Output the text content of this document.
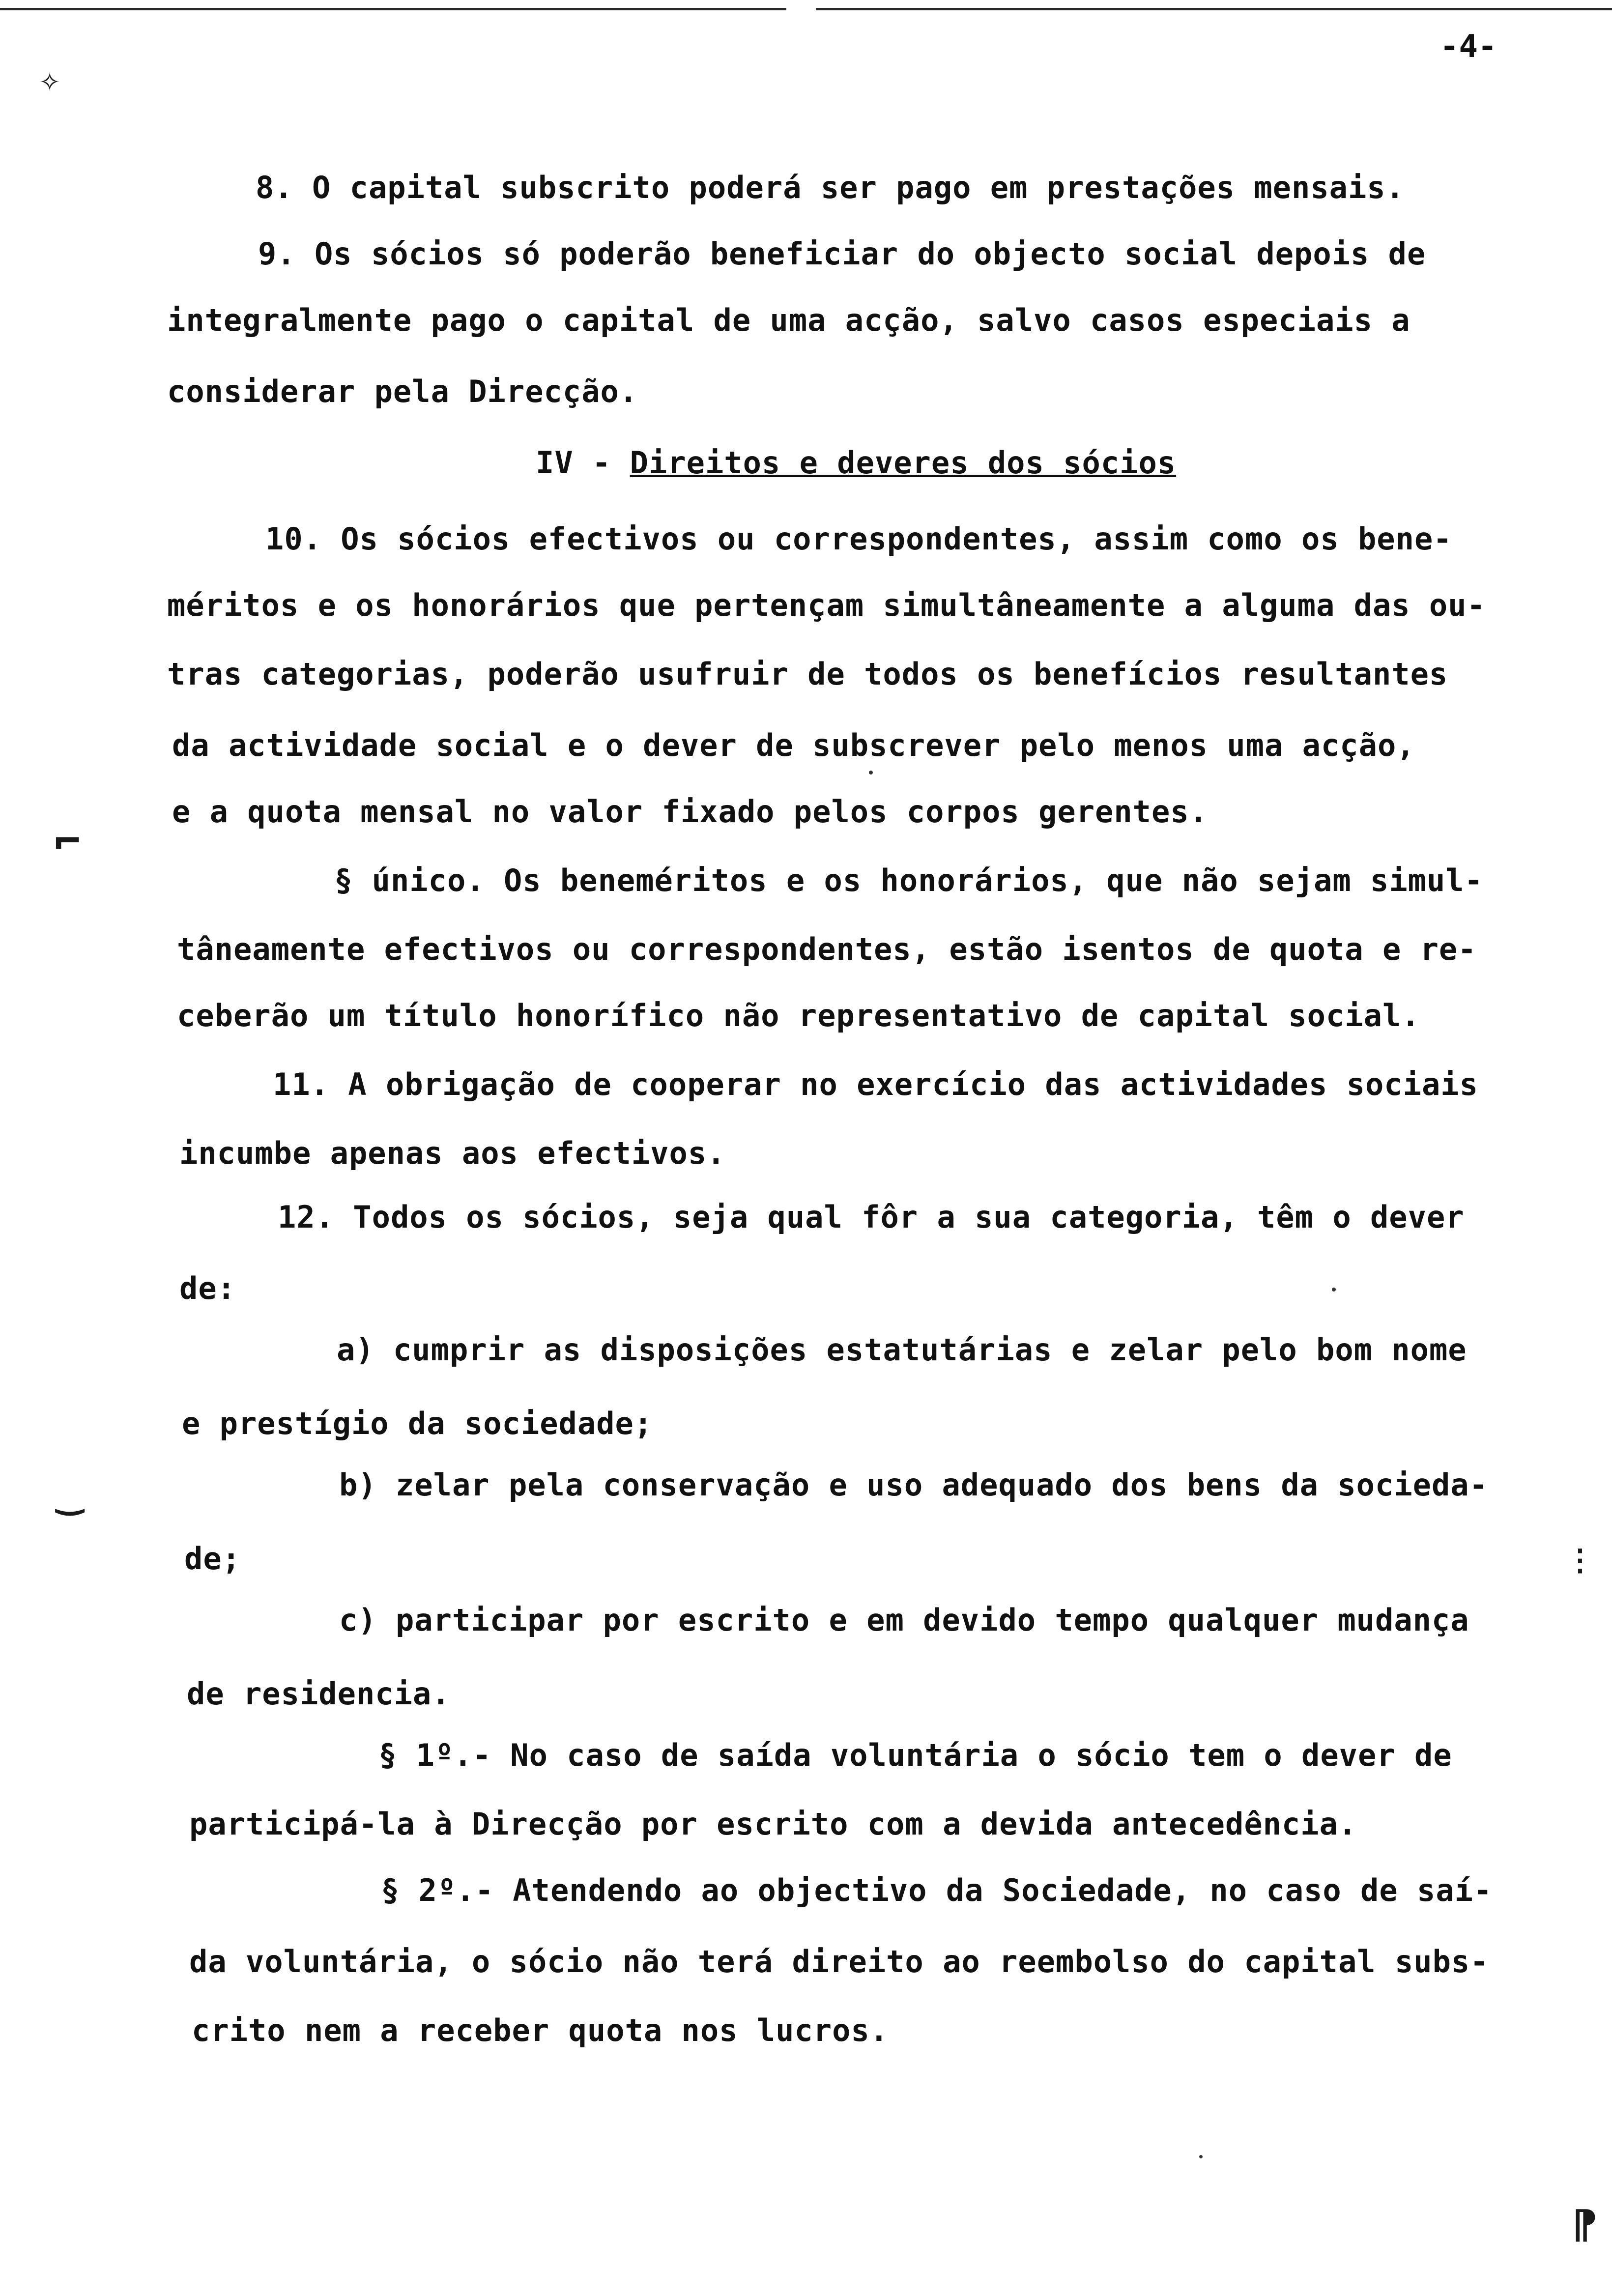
-4-
✧
⌐
‿
⋮
⁋
8. O capital subscrito poderá ser pago em prestações mensais.
9. Os sócios só poderão beneficiar do objecto social depois de
integralmente pago o capital de uma acção, salvo casos especiais a
considerar pela Direcção.
IV - Direitos e deveres dos sócios
10. Os sócios efectivos ou correspondentes, assim como os bene-
méritos e os honorários que pertençam simultâneamente a alguma das ou-
tras categorias, poderão usufruir de todos os benefícios resultantes
da actividade social e o dever de subscrever pelo menos uma acção,
e a quota mensal no valor fixado pelos corpos gerentes.
§ único. Os beneméritos e os honorários, que não sejam simul-
tâneamente efectivos ou correspondentes, estão isentos de quota e re-
ceberão um título honorífico não representativo de capital social.
11. A obrigação de cooperar no exercício das actividades sociais
incumbe apenas aos efectivos.
12. Todos os sócios, seja qual fôr a sua categoria, têm o dever
de:
a) cumprir as disposições estatutárias e zelar pelo bom nome
e prestígio da sociedade;
b) zelar pela conservação e uso adequado dos bens da socieda-
de;
c) participar por escrito e em devido tempo qualquer mudança
de residencia.
§ 1º.- No caso de saída voluntária o sócio tem o dever de
participá-la à Direcção por escrito com a devida antecedência.
§ 2º.- Atendendo ao objectivo da Sociedade, no caso de saí-
da voluntária, o sócio não terá direito ao reembolso do capital subs-
crito nem a receber quota nos lucros.
